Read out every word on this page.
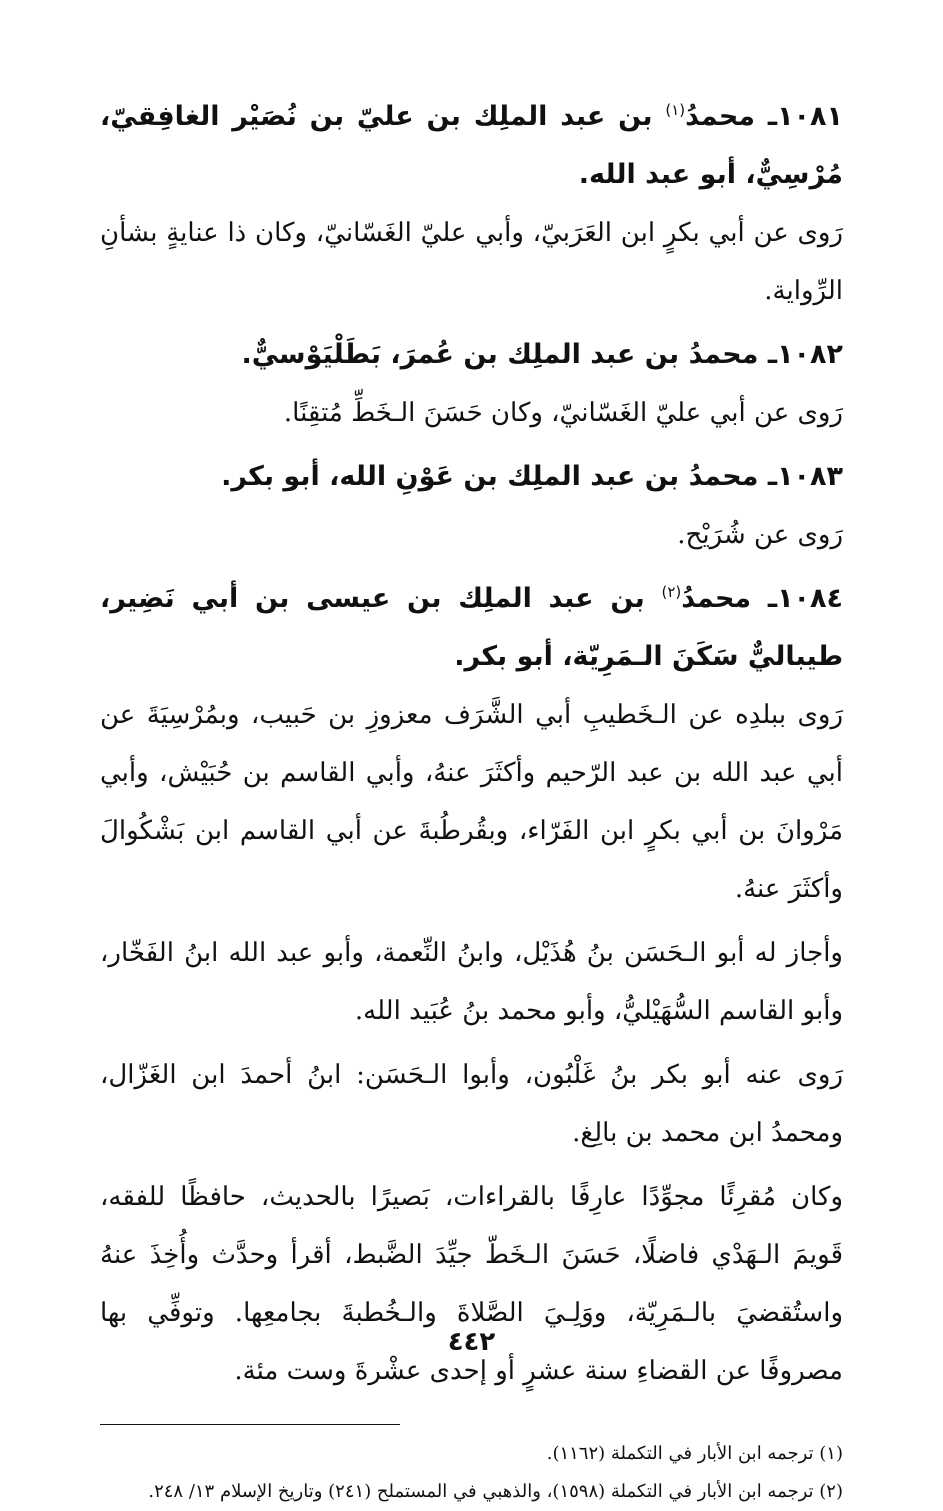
١٠٨١ـ محمدُ$^{(١)}$ بن عبد الملِك بن عليّ بن نُصَيْر الغافِقيّ، مُرْسِيٌّ، أبو عبد الله.

رَوى عن أبي بكرٍ ابن العَرَبيّ، وأبي عليّ الغَسّانيّ، وكان ذا عنايةٍ بشأنِ الرِّواية.

١٠٨٢ـ محمدُ بن عبد الملِك بن عُمرَ، بَطَلْيَوْسيٌّ.

رَوى عن أبي عليّ الغَسّانيّ، وكان حَسَنَ الـخَطِّ مُتقِنًا.

١٠٨٣ـ محمدُ بن عبد الملِك بن عَوْنِ الله، أبو بكر.

رَوى عن شُرَيْح.

١٠٨٤ـ محمدُ$^{(٢)}$ بن عبد الملِك بن عيسى بن أبي نَضِير، طيباليٌّ سَكَنَ الـمَرِيّة، أبو بكر.

رَوى ببلدِه عن الـخَطيبِ أبي الشَّرَف معزوزِ بن حَبيب، وبمُرْسِيَةَ عن أبي عبد الله بن عبد الرّحيم وأكثَرَ عنهُ، وأبي القاسم بن حُبَيْش، وأبي مَرْوانَ بن أبي بكرٍ ابن الفَرّاء، وبقُرطُبةَ عن أبي القاسم ابن بَشْكُوالَ وأكثَرَ عنهُ.

وأجاز له أبو الـحَسَن بنُ هُذَيْل، وابنُ النِّعمة، وأبو عبد الله ابنُ الفَخّار، وأبو القاسم السُّهَيْليُّ، وأبو محمد بنُ عُبَيد الله.

رَوى عنه أبو بكر بنُ غَلْبُون، وأبوا الـحَسَن: ابنُ أحمدَ ابن الغَزّال، ومحمدُ ابن محمد بن بالِغ.

وكان مُقرِئًا مجوِّدًا عارِفًا بالقراءات، بَصيرًا بالحديث، حافظًا للفقه، قَويمَ الـهَدْي فاضلًا، حَسَنَ الـخَطّ جيِّدَ الضَّبط، أقرأ وحدَّث وأُخِذَ عنهُ واستُقضيَ بالـمَرِيّة، ووَلِـيَ الصَّلاةَ والـخُطبةَ بجامعِها. وتوفِّي بها مصروفًا عن القضاءِ سنة عشرٍ أو إحدى عشْرةَ وست مئة.

(١) ترجمه ابن الأبار في التكملة (١١٦٢).

(٢) ترجمه ابن الأبار في التكملة (١٥٩٨)، والذهبي في المستملح (٢٤١) وتاريخ الإسلام ١٣/ ٢٤٨.

٤٤٢
